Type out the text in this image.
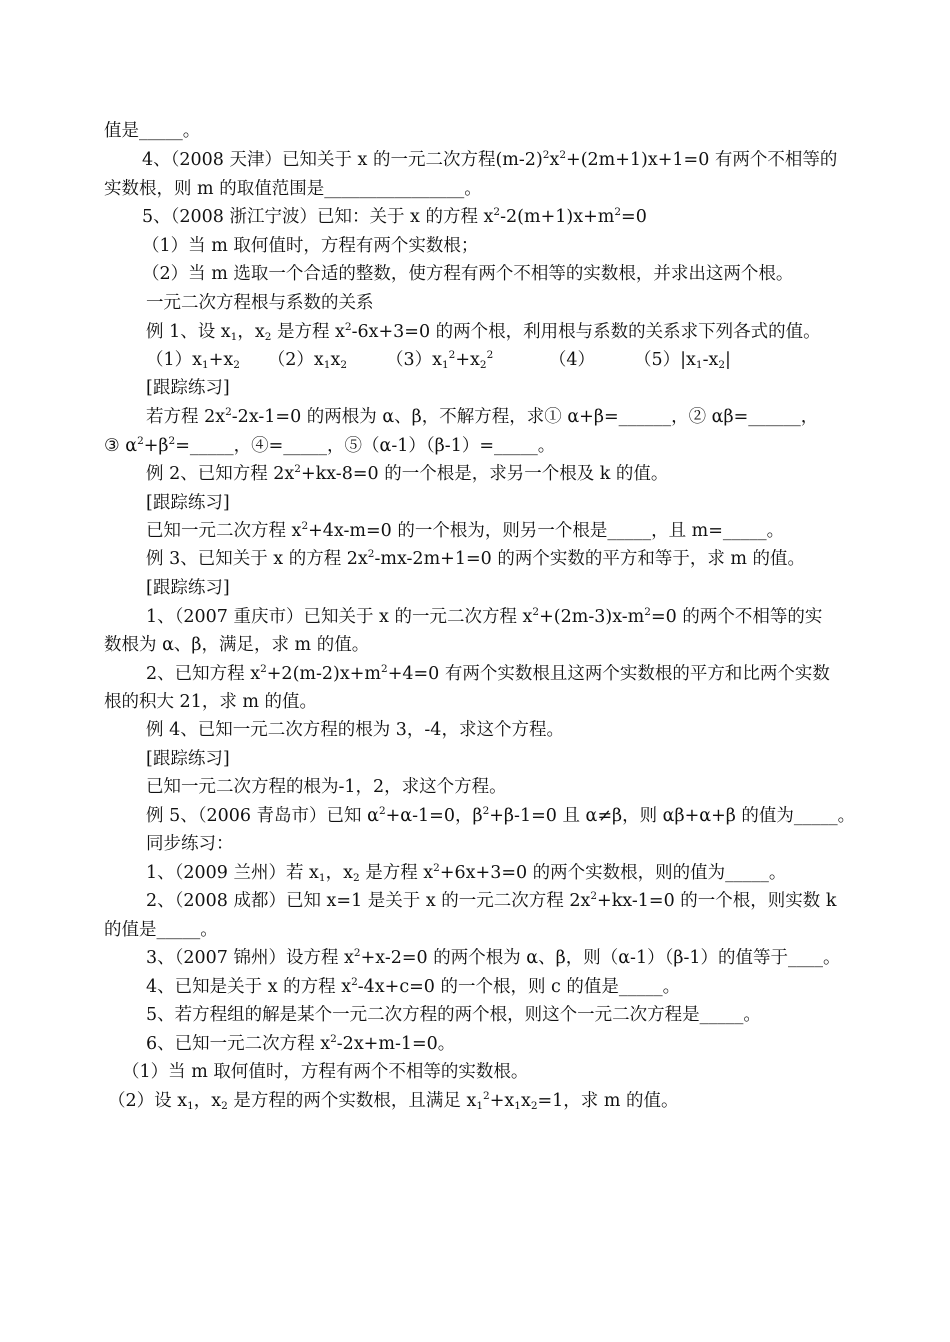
值是_____。
4、（2008 天津）已知关于 x 的一元二次方程$(m-2)^2x^2+(2m+1)x+1=0$ 有两个不相等的
实数根，则 m 的取值范围是________________。
5、（2008 浙江宁波）已知：关于 x 的方程 $x^2-2(m+1)x+m^2=0$
（1）当 m 取何值时，方程有两个实数根；
（2）当 m 选取一个合适的整数，使方程有两个不相等的实数根，并求出这两个根。
一元二次方程根与系数的关系
例 1、设 $x_1$，$x_2$ 是方程 $x^2-6x+3=0$ 的两个根，利用根与系数的关系求下列各式的值。
$(1)x_1+x_2$     $(2)x_1x_2$       $(3)x_1^2+x_2^2$          （4）       $(5)|x_1-x_2|$
[跟踪练习]
若方程 $2x^2-2x-1=0$ 的两根为 α、β，不解方程，求① α+β=______，② αβ=______，
③ $\alpha^2+\beta^2=\_\_\_\_\_$，④=_____，⑤（α-1）（β-1）=_____。
例 2、已知方程 $2x^2+kx-8=0$ 的一个根是，求另一个根及 k 的值。
[跟踪练习]
已知一元二次方程 $x^2+4x-m=0$ 的一个根为，则另一个根是_____，且 m=_____。
例 3、已知关于 x 的方程 $2x^2-mx-2m+1=0$ 的两个实数的平方和等于，求 m 的值。
[跟踪练习]
1、（2007 重庆市）已知关于 x 的一元二次方程 $x^2+(2m-3)x-m^2=0$ 的两个不相等的实
数根为 α、β，满足，求 m 的值。
2、已知方程 $x^2+2(m-2)x+m^2+4=0$ 有两个实数根且这两个实数根的平方和比两个实数
根的积大 21，求 m 的值。
例 4、已知一元二次方程的根为 3，-4，求这个方程。
[跟踪练习]
已知一元二次方程的根为-1，2，求这个方程。
例 5、（2006 青岛市）已知 $\alpha^2+\alpha-1=0$，$\beta^2+\beta-1=0$ 且 α≠β，则 αβ+α+β 的值为_____。
同步练习：
1、（2009 兰州）若 $x_1$，$x_2$ 是方程 $x^2+6x+3=0$ 的两个实数根，则的值为_____。
2、（2008 成都）已知 x=1 是关于 x 的一元二次方程 $2x^2+kx-1=0$ 的一个根，则实数 k
的值是_____。
3、（2007 锦州）设方程 $x^2+x-2=0$ 的两个根为 α、β，则（α-1）（β-1）的值等于____。
4、已知是关于 x 的方程 $x^2-4x+c=0$ 的一个根，则 c 的值是_____。
5、若方程组的解是某个一元二次方程的两个根，则这个一元二次方程是_____。
6、已知一元二次方程 $x^2-2x+m-1=0$。
（1）当 m 取何值时，方程有两个不相等的实数根。
（2）设 $x_1$，$x_2$ 是方程的两个实数根，且满足 $x_1^2+x_1x_2=1$，求 m 的值。
